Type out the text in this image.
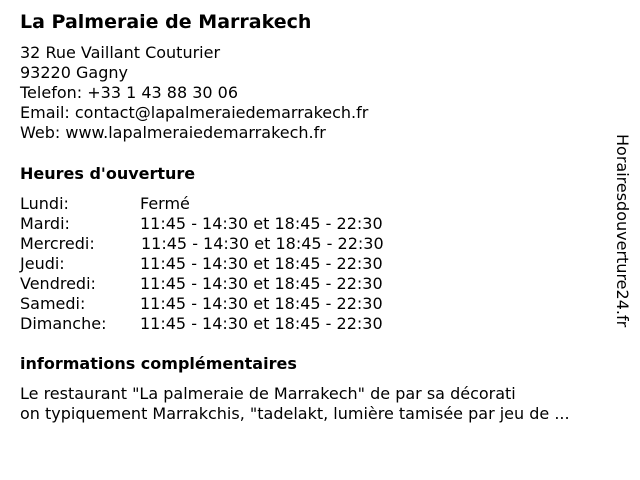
La Palmeraie de Marrakech
32 Rue Vaillant Couturier
93220 Gagny
Telefon: +33 1 43 88 30 06
Email: contact@lapalmeraiedemarrakech.fr
Web: www.lapalmeraiedemarrakech.fr
Heures d'ouverture
Lundi:	Fermé
Mardi:	11:45 - 14:30 et 18:45 - 22:30
Mercredi:	11:45 - 14:30 et 18:45 - 22:30
Jeudi:	11:45 - 14:30 et 18:45 - 22:30
Vendredi:	11:45 - 14:30 et 18:45 - 22:30
Samedi:	11:45 - 14:30 et 18:45 - 22:30
Dimanche: 11:45 - 14:30 et 18:45 - 22:30
informations complémentaires
Le restaurant "La palmeraie de Marrakech" de par sa décorati
on typiquement Marrakchis, "tadelakt, lumière tamisée par jeu de ...
Horairesdouverture24.fr
